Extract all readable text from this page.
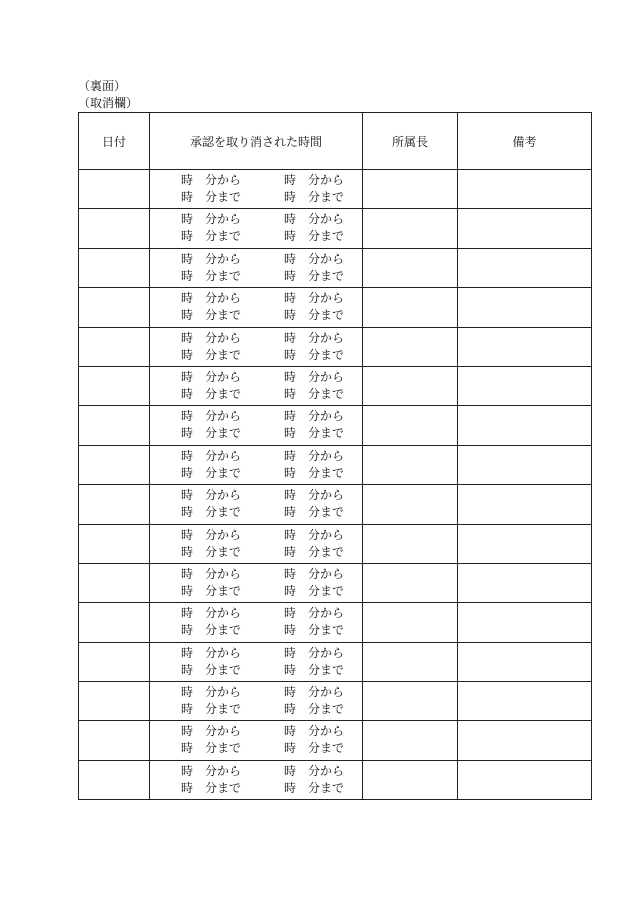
（裏面）
（取消欄）
日付	承認を取り消された時間	所属長	備考

	時　分から 時　分から
時　分まで 時　分まで		

	時　分から 時　分から
時　分まで 時　分まで		

	時　分から 時　分から
時　分まで 時　分まで		

	時　分から 時　分から
時　分まで 時　分まで		

	時　分から 時　分から
時　分まで 時　分まで		

	時　分から 時　分から
時　分まで 時　分まで		

	時　分から 時　分から
時　分まで 時　分まで		

	時　分から 時　分から
時　分まで 時　分まで		

	時　分から 時　分から
時　分まで 時　分まで		

	時　分から 時　分から
時　分まで 時　分まで		

	時　分から 時　分から
時　分まで 時　分まで		

	時　分から 時　分から
時　分まで 時　分まで		

	時　分から 時　分から
時　分まで 時　分まで		

	時　分から 時　分から
時　分まで 時　分まで		

	時　分から 時　分から
時　分まで 時　分まで		

	時　分から 時　分から
時　分まで 時　分まで		
